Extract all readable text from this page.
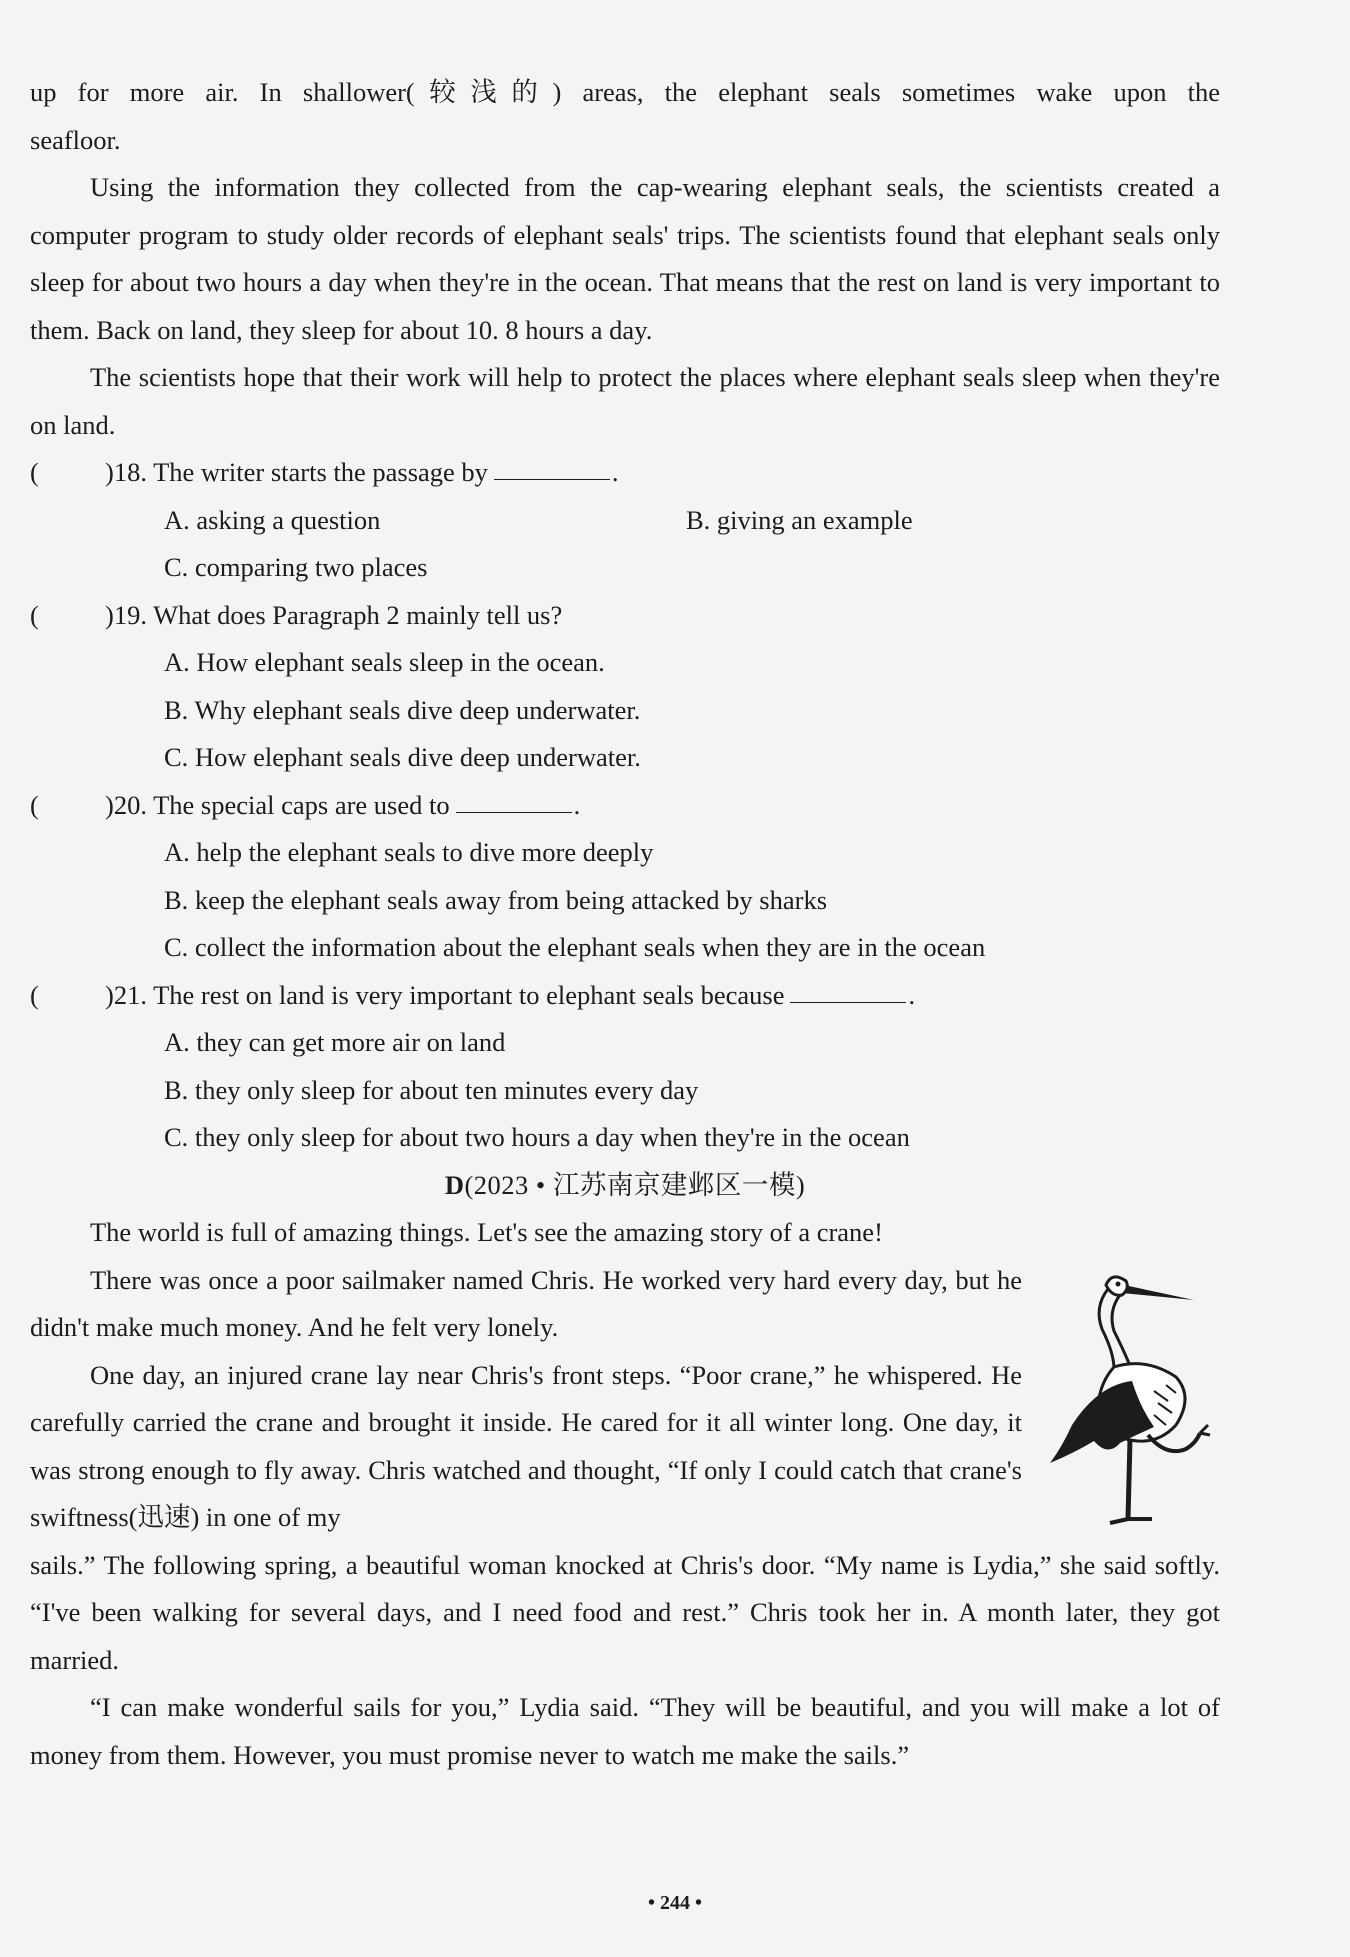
up for more air. In shallower(较浅的) areas, the elephant seals sometimes wake upon the

seafloor.

Using the information they collected from the cap-wearing elephant seals, the scientists created a computer program to study older records of elephant seals' trips. The scientists found that elephant seals only sleep for about two hours a day when they're in the ocean. That means that the rest on land is very important to them. Back on land, they sleep for about 10. 8 hours a day.

The scientists hope that their work will help to protect the places where elephant seals sleep when they're on land.

(	)18. The writer starts the passage by	.
A. asking a question	B. giving an example
C. comparing two places
(	)19. What does Paragraph 2 mainly tell us?
A. How elephant seals sleep in the ocean.
B. Why elephant seals dive deep underwater.
C. How elephant seals dive deep underwater.
(	)20. The special caps are used to	.
A. help the elephant seals to dive more deeply
B. keep the elephant seals away from being attacked by sharks
C. collect the information about the elephant seals when they are in the ocean
(	)21. The rest on land is very important to elephant seals because	.
A. they can get more air on land
B. they only sleep for about ten minutes every day
C. they only sleep for about two hours a day when they're in the ocean
D(2023 • 江苏南京建邺区一模)

The world is full of amazing things. Let's see the amazing story of a crane!

There was once a poor sailmaker named Chris. He worked very hard every day, but he didn't make much money. And he felt very lonely.

One day, an injured crane lay near Chris's front steps. “Poor crane,” he whispered. He carefully carried the crane and brought it inside. He cared for it all winter long. One day, it was strong enough to fly away. Chris watched and thought, “If only I could catch that crane's swiftness(迅速) in one of my

sails.” The following spring, a beautiful woman knocked at Chris's door. “My name is Lydia,” she said softly. “I've been walking for several days, and I need food and rest.” Chris took her in. A month later, they got married.

“I can make wonderful sails for you,” Lydia said. “They will be beautiful, and you will make a lot of money from them. However, you must promise never to watch me make the sails.”

• 244 •
